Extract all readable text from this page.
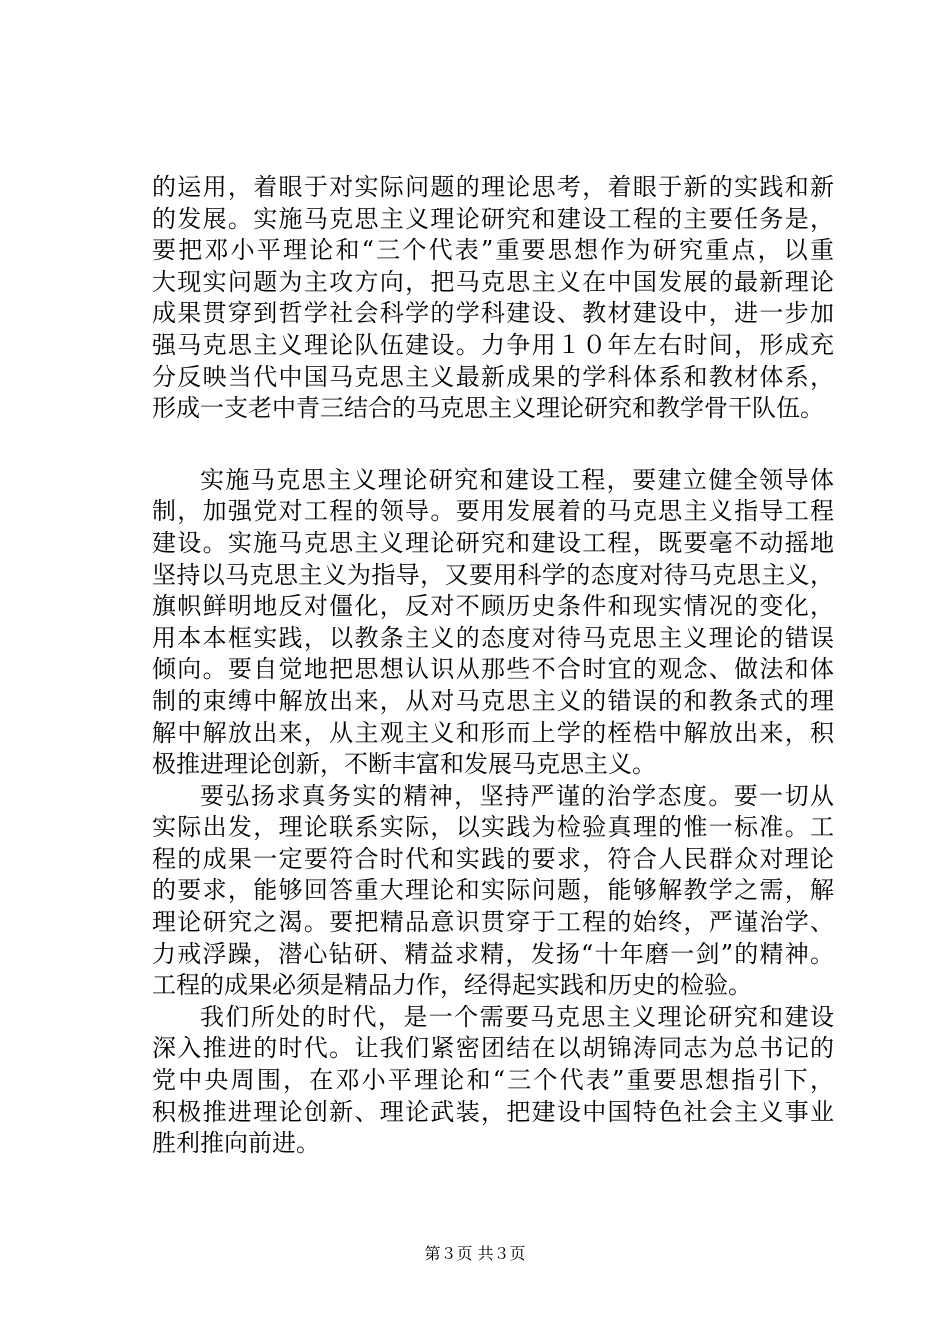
的运用，着眼于对实际问题的理论思考，着眼于新的实践和新
的发展。实施马克思主义理论研究和建设工程的主要任务是，
要把邓小平理论和“三个代表”重要思想作为研究重点，以重
大现实问题为主攻方向，把马克思主义在中国发展的最新理论
成果贯穿到哲学社会科学的学科建设、教材建设中，进一步加
强马克思主义理论队伍建设。力争用１０年左右时间，形成充
分反映当代中国马克思主义最新成果的学科体系和教材体系，
形成一支老中青三结合的马克思主义理论研究和教学骨干队伍。
实施马克思主义理论研究和建设工程，要建立健全领导体
制，加强党对工程的领导。要用发展着的马克思主义指导工程
建设。实施马克思主义理论研究和建设工程，既要毫不动摇地
坚持以马克思主义为指导，又要用科学的态度对待马克思主义，
旗帜鲜明地反对僵化，反对不顾历史条件和现实情况的变化，
用本本框实践，以教条主义的态度对待马克思主义理论的错误
倾向。要自觉地把思想认识从那些不合时宜的观念、做法和体
制的束缚中解放出来，从对马克思主义的错误的和教条式的理
解中解放出来，从主观主义和形而上学的桎梏中解放出来，积
极推进理论创新，不断丰富和发展马克思主义。
要弘扬求真务实的精神，坚持严谨的治学态度。要一切从
实际出发，理论联系实际，以实践为检验真理的惟一标准。工
程的成果一定要符合时代和实践的要求，符合人民群众对理论
的要求，能够回答重大理论和实际问题，能够解教学之需，解
理论研究之渴。要把精品意识贯穿于工程的始终，严谨治学、
力戒浮躁，潜心钻研、精益求精，发扬“十年磨一剑”的精神。
工程的成果必须是精品力作，经得起实践和历史的检验。
我们所处的时代，是一个需要马克思主义理论研究和建设
深入推进的时代。让我们紧密团结在以胡锦涛同志为总书记的
党中央周围，在邓小平理论和“三个代表”重要思想指引下，
积极推进理论创新、理论武装，把建设中国特色社会主义事业
胜利推向前进。
第３页 共３页
